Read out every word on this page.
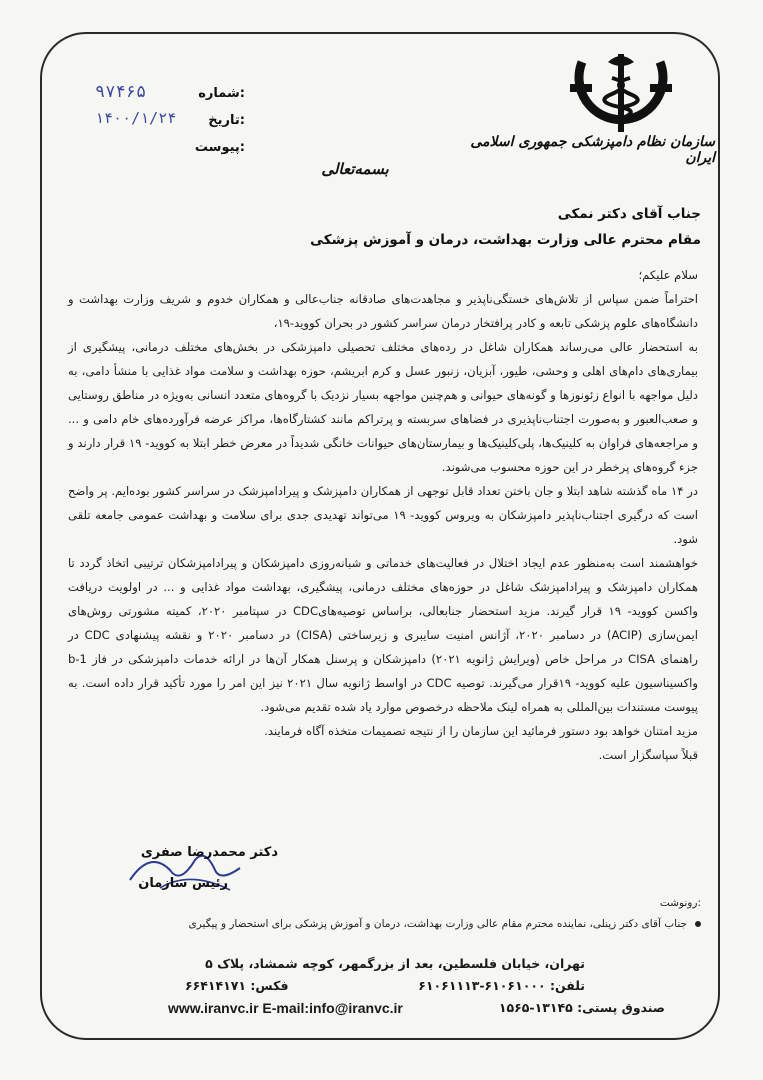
سازمان نظام دامپزشکی جمهوری اسلامی ایران
شماره:
۹۷۴۶۵
تاریخ:
۱۴۰۰/۱/۲۴
پیوست:
بسمه‌تعالی
جناب آقای دکتر نمکی
مقام محترم عالی وزارت بهداشت، درمان و آموزش پزشکی

سلام علیکم؛

احتراماً ضمن سپاس از تلاش‌های خستگی‌ناپذیر و مجاهدت‌های صادقانه جناب‌عالی و همکاران خدوم و شریف وزارت بهداشت و دانشگاه‌های علوم پزشکی تابعه و کادر پرافتخار درمان سراسر کشور در بحران کووید-۱۹،

به استحضار عالی می‌رساند همکاران شاغل در رده‌های مختلف تحصیلی دامپزشکی در بخش‌های مختلف درمانی، پیشگیری از بیماری‌های دام‌های اهلی و وحشی، طیور، آبزیان، زنبور عسل و کرم ابریشم، حوزه بهداشت و سلامت مواد غذایی با منشأ دامی، به دلیل مواجهه با انواع زئونوزها و گونه‌های حیوانی و هم‌چنین مواجهه بسیار نزدیک با گروه‌های متعدد انسانی به‌ویژه در مناطق روستایی و صعب‌العبور و به‌صورت اجتناب‌ناپذیری در فضاهای سربسته و پرتراکم مانند کشتارگاه‌ها، مراکز عرضه فرآورده‌های خام دامی و ... و مراجعه‌های فراوان به کلینیک‌ها، پلی‌کلینیک‌ها و بیمارستان‌های حیوانات خانگی شدیداً در معرض خطر ابتلا به کووید- ۱۹ قرار دارند و جزء گروه‌های پرخطر در این حوزه محسوب می‌شوند.

در ۱۴ ماه گذشته شاهد ابتلا و جان باختن تعداد قابل توجهی از همکاران دامپزشک و پیرادامپزشک در سراسر کشور بوده‌ایم. پر واضح است که درگیری اجتناب‌ناپذیر دامپزشکان به ویروس کووید- ۱۹ می‌تواند تهدیدی جدی برای سلامت و بهداشت عمومی جامعه تلقی شود.

خواهشمند است به‌منظور عدم ایجاد اختلال در فعالیت‌های خدماتی و شبانه‌روزی دامپزشکان و پیرادامپزشکان ترتیبی اتخاذ گردد تا همکاران دامپزشک و پیرادامپزشک شاغل در حوزه‌های مختلف درمانی، پیشگیری، بهداشت مواد غذایی و ... در اولویت دریافت واکسن کووید- ۱۹ قرار گیرند. مزید استحضار جنابعالی، براساس توصیه‌هایCDC در سپتامبر ۲۰۲۰، کمیته مشورتی روش‌های ایمن‌سازی (ACIP) در دسامبر ۲۰۲۰، آژانس امنیت سایبری و زیرساختی (CISA) در دسامبر ۲۰۲۰ و نقشه پیشنهادی CDC در راهنمای CISA در مراحل خاص (ویرایش ژانویه ۲۰۲۱) دامپزشکان و پرسنل همکار آن‌ها در ارائه خدمات دامپزشکی در فاز 1-b واکسیناسیون علیه کووید- ۱۹قرار می‌گیرند. توصیه CDC در اواسط ژانویه سال ۲۰۲۱ نیز این امر را مورد تأکید قرار داده است. به پیوست مستندات بین‌المللی به همراه لینک ملاحظه درخصوص موارد یاد شده تقدیم می‌شود.

مزید امتنان خواهد بود دستور فرمائید این سازمان را از نتیجه تصمیمات متخذه آگاه فرمایند.

قبلاً سپاسگزار است.

دکتر محمدرضا صفری
رئیس سازمان
رونوشت:
جناب آقای دکتر زینلی، نماینده محترم مقام عالی وزارت بهداشت، درمان و آموزش پزشکی برای استحضار و پیگیری
تهران، خیابان فلسطین، بعد از بزرگمهر، کوچه شمشاد، پلاک ۵
تلفن: ۶۱۰۶۱۰۰۰-۶۱۰۶۱۱۱۳
فکس: ۶۶۴۱۴۱۷۱
صندوق پستی: ۱۳۱۴۵-۱۵۶۵
www.iranvc.ir E-mail:info@iranvc.ir
